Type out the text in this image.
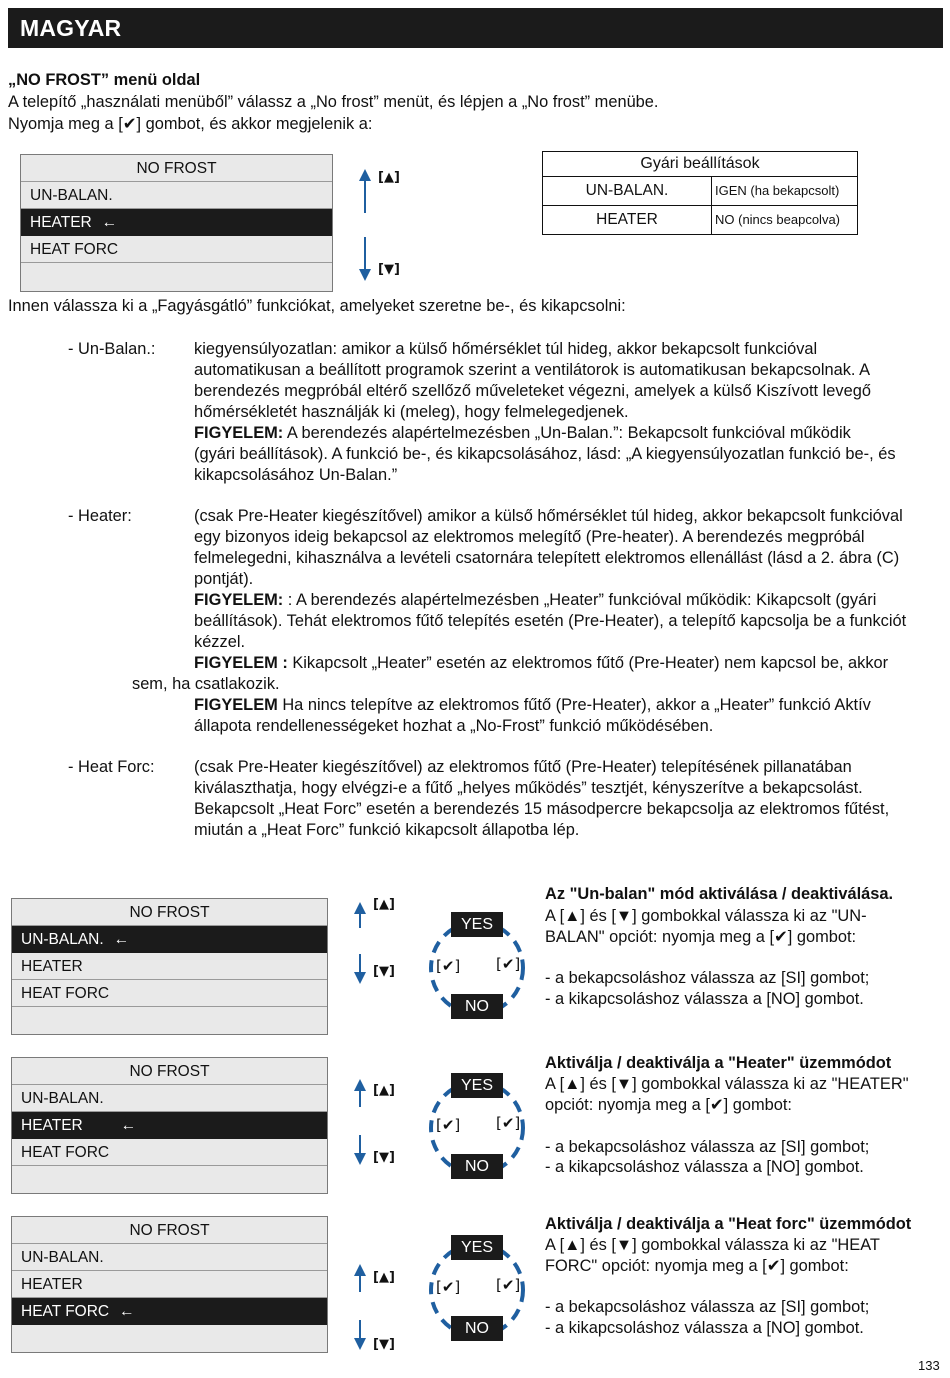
MAGYAR
„NO FROST” menü oldal
A telepítő „használati menüből” válassz a „No frost” menüt, és lépjen a „No frost” menübe.
Nyomja meg a [✔] gombot, és akkor megjelenik a:
NO FROST
UN-BALAN.
HEATER ←
HEAT FORC
[▲]
[▼]
Gyári beállítások
UN-BALAN.	IGEN (ha bekapcsolt)
HEATER	NO (nincs beapcolva)
Innen válassza ki a „Fagyásgátló” funkciókat, amelyeket szeretne be-, és kikapcsolni:
- Un-Balan.: kiegyensúlyozatlan: amikor a külső hőmérséklet túl hideg, akkor bekapcsolt funkcióval
automatikusan a beállított programok szerint a ventilátorok is automatikusan bekapcsolnak. A
berendezés megpróbál eltérő szellőző műveleteket végezni, amelyek a külső Kiszívott levegő
hőmérsékletét használják ki (meleg), hogy felmelegedjenek.
FIGYELEM: A berendezés alapértelmezésben „Un-Balan.”: Bekapcsolt funkcióval működik
(gyári beállítások). A funkció be-, és kikapcsolásához, lásd: „A kiegyensúlyozatlan funkció be-, és
kikapcsolásához Un-Balan.”
- Heater:	(csak Pre-Heater kiegészítővel) amikor a külső hőmérséklet túl hideg, akkor bekapcsolt funkcióval
egy bizonyos ideig bekapcsol az elektromos melegítő (Pre-heater). A berendezés megpróbál
felmelegedni, kihasználva a levételi csatornára telepített elektromos ellenállást (lásd a 2. ábra (C)
pontját).
FIGYELEM: : A berendezés alapértelmezésben „Heater” funkcióval működik: Kikapcsolt (gyári
beállítások). Tehát elektromos fűtő telepítés esetén (Pre-Heater), a telepítő kapcsolja be a funkciót
kézzel.
FIGYELEM : Kikapcsolt „Heater” esetén az elektromos fűtő (Pre-Heater) nem kapcsol be, akkor
sem, ha csatlakozik.
FIGYELEM Ha nincs telepítve az elektromos fűtő (Pre-Heater), akkor a „Heater” funkció Aktív
állapota rendellenességeket hozhat a „No-Frost” funkció működésében.
- Heat Forc: (csak Pre-Heater kiegészítővel) az elektromos fűtő (Pre-Heater) telepítésének pillanatában
kiválaszthatja, hogy elvégzi-e a fűtő „helyes működés” tesztjét, kényszerítve a bekapcsolást.
Bekapcsolt „Heat Forc” esetén a berendezés 15 másodpercre bekapcsolja az elektromos fűtést,
miután a „Heat Forc” funkció kikapcsolt állapotba lép.
NO FROST
UN-BALAN. ←
HEATER
HEAT FORC
[▲]
[▼]
YES
NO
[✔] [✔]
Az "Un-balan" mód aktiválása / deaktiválása.
A [▲] és [▼] gombokkal válassza ki az "UN-
BALAN" opciót: nyomja meg a [✔] gombot:
- a bekapcsoláshoz válassza az [SI] gombot;
- a kikapcsoláshoz válassza a [NO] gombot.
NO FROST
UN-BALAN.
HEATER ←
HEAT FORC
[▲]
[▼]
YES
NO
[✔] [✔]
Aktiválja / deaktiválja a "Heater" üzemmódot
A [▲] és [▼] gombokkal válassza ki az "HEATER"
opciót: nyomja meg a [✔] gombot:
- a bekapcsoláshoz válassza az [SI] gombot;
- a kikapcsoláshoz válassza a [NO] gombot.
NO FROST
UN-BALAN.
HEATER
HEAT FORC ←
[▲]
[▼]
YES
NO
[✔] [✔]
Aktiválja / deaktiválja a "Heat forc" üzemmódot
A [▲] és [▼] gombokkal válassza ki az "HEAT
FORC" opciót: nyomja meg a [✔] gombot:
- a bekapcsoláshoz válassza az [SI] gombot;
- a kikapcsoláshoz válassza a [NO] gombot.
133
